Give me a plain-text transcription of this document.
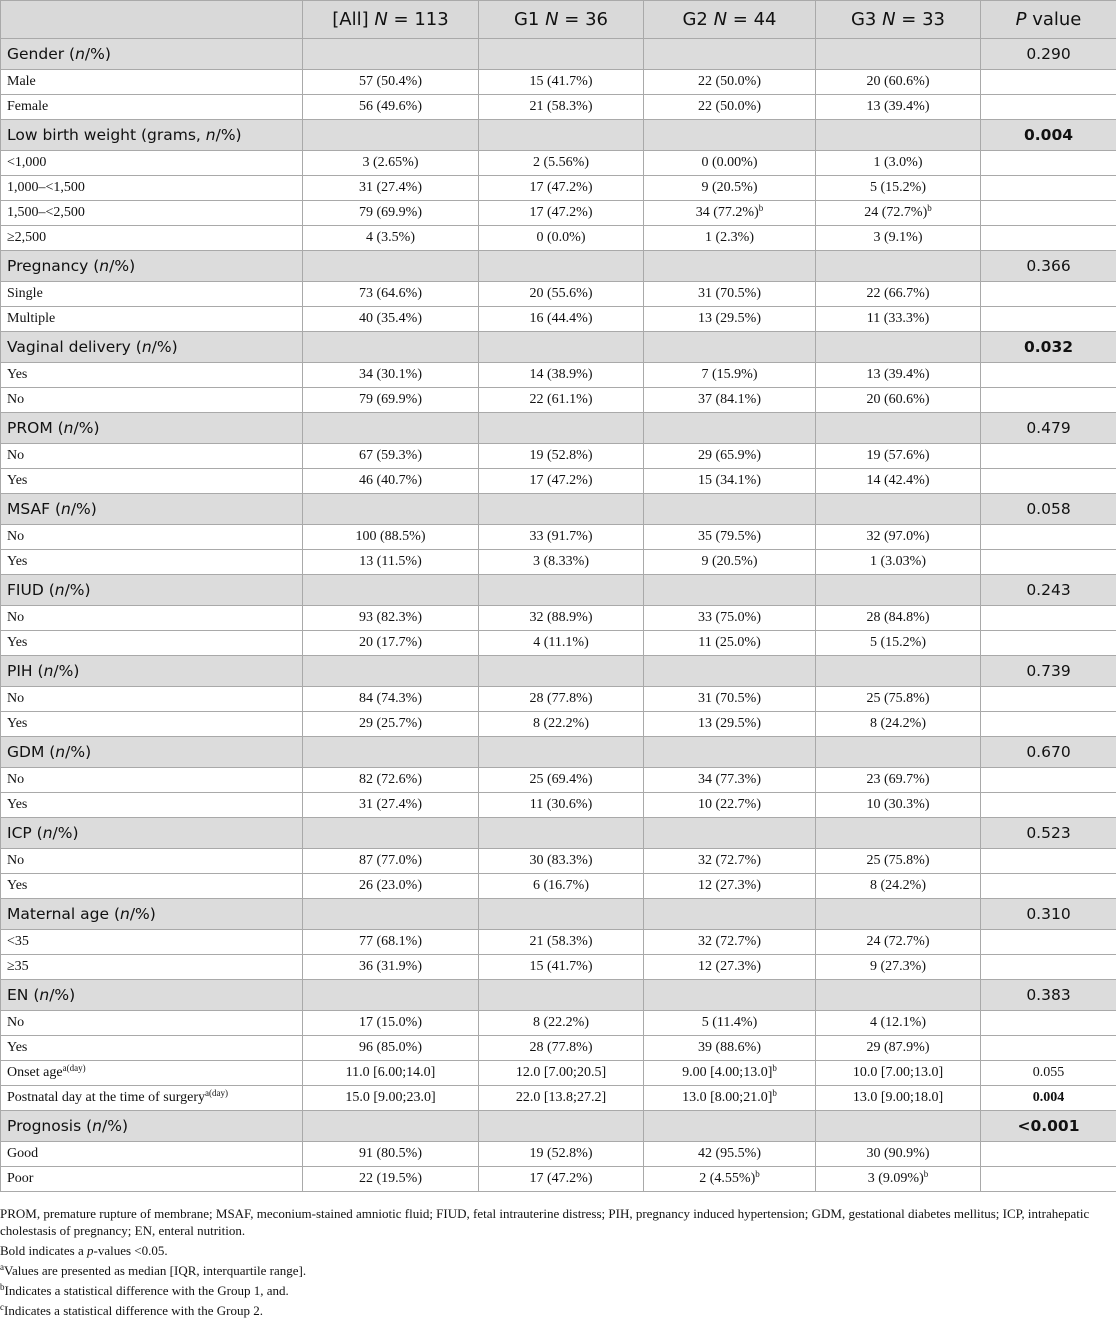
	[All] N = 113	G1 N = 36	G2 N = 44	G3 N = 33	P value
Gender (n/%)					0.290
Male	57 (50.4%)	15 (41.7%)	22 (50.0%)	20 (60.6%)	
Female	56 (49.6%)	21 (58.3%)	22 (50.0%)	13 (39.4%)	
Low birth weight (grams, n/%)					0.004
<1,000	3 (2.65%)	2 (5.56%)	0 (0.00%)	1 (3.0%)	
1,000–<1,500	31 (27.4%)	17 (47.2%)	9 (20.5%)	5 (15.2%)	
1,500–<2,500	79 (69.9%)	17 (47.2%)	34 $(77.2\%)^b$	24 $(72.7\%)^b$	
≥2,500	4 (3.5%)	0 (0.0%)	1 (2.3%)	3 (9.1%)	
Pregnancy (n/%)					0.366
Single	73 (64.6%)	20 (55.6%)	31 (70.5%)	22 (66.7%)	
Multiple	40 (35.4%)	16 (44.4%)	13 (29.5%)	11 (33.3%)	
Vaginal delivery (n/%)					0.032
Yes	34 (30.1%)	14 (38.9%)	7 (15.9%)	13 (39.4%)	
No	79 (69.9%)	22 (61.1%)	37 (84.1%)	20 (60.6%)	
PROM (n/%)					0.479
No	67 (59.3%)	19 (52.8%)	29 (65.9%)	19 (57.6%)	
Yes	46 (40.7%)	17 (47.2%)	15 (34.1%)	14 (42.4%)	
MSAF (n/%)					0.058
No	100 (88.5%)	33 (91.7%)	35 (79.5%)	32 (97.0%)	
Yes	13 (11.5%)	3 (8.33%)	9 (20.5%)	1 (3.03%)	
FIUD (n/%)					0.243
No	93 (82.3%)	32 (88.9%)	33 (75.0%)	28 (84.8%)	
Yes	20 (17.7%)	4 (11.1%)	11 (25.0%)	5 (15.2%)	
PIH (n/%)					0.739
No	84 (74.3%)	28 (77.8%)	31 (70.5%)	25 (75.8%)	
Yes	29 (25.7%)	8 (22.2%)	13 (29.5%)	8 (24.2%)	
GDM (n/%)					0.670
No	82 (72.6%)	25 (69.4%)	34 (77.3%)	23 (69.7%)	
Yes	31 (27.4%)	11 (30.6%)	10 (22.7%)	10 (30.3%)	
ICP (n/%)					0.523
No	87 (77.0%)	30 (83.3%)	32 (72.7%)	25 (75.8%)	
Yes	26 (23.0%)	6 (16.7%)	12 (27.3%)	8 (24.2%)	
Maternal age (n/%)					0.310
<35	77 (68.1%)	21 (58.3%)	32 (72.7%)	24 (72.7%)	
≥35	36 (31.9%)	15 (41.7%)	12 (27.3%)	9 (27.3%)	
EN (n/%)					0.383
No	17 (15.0%)	8 (22.2%)	5 (11.4%)	4 (12.1%)	
Yes	96 (85.0%)	28 (77.8%)	39 (88.6%)	29 (87.9%)	
Onset age$^{a(day)}$	11.0 [6.00;14.0]	12.0 [7.00;20.5]	9.00 [4.00;13.0]$^b$	10.0 [7.00;13.0]	0.055
Postnatal day at the time of surgery$^{a(day)}$	15.0 [9.00;23.0]	22.0 [13.8;27.2]	13.0 [8.00;21.0]$^b$	13.0 [9.00;18.0]	0.004
Prognosis (n/%)					<0.001
Good	91 (80.5%)	19 (52.8%)	42 (95.5%)	30 (90.9%)	
Poor	22 (19.5%)	17 (47.2%)	2 $(4.55\%)^b$	3 $(9.09\%)^b$	

PROM, premature rupture of membrane; MSAF, meconium-stained amniotic fluid; FIUD, fetal intrauterine distress; PIH, pregnancy induced hypertension; GDM, gestational diabetes mellitus; ICP, intrahepatic cholestasis of pregnancy; EN, enteral nutrition.

Bold indicates a p-values <0.05.

$^a$Values are presented as median [IQR, interquartile range].

$^b$Indicates a statistical difference with the Group 1, and.

$^c$Indicates a statistical difference with the Group 2.
